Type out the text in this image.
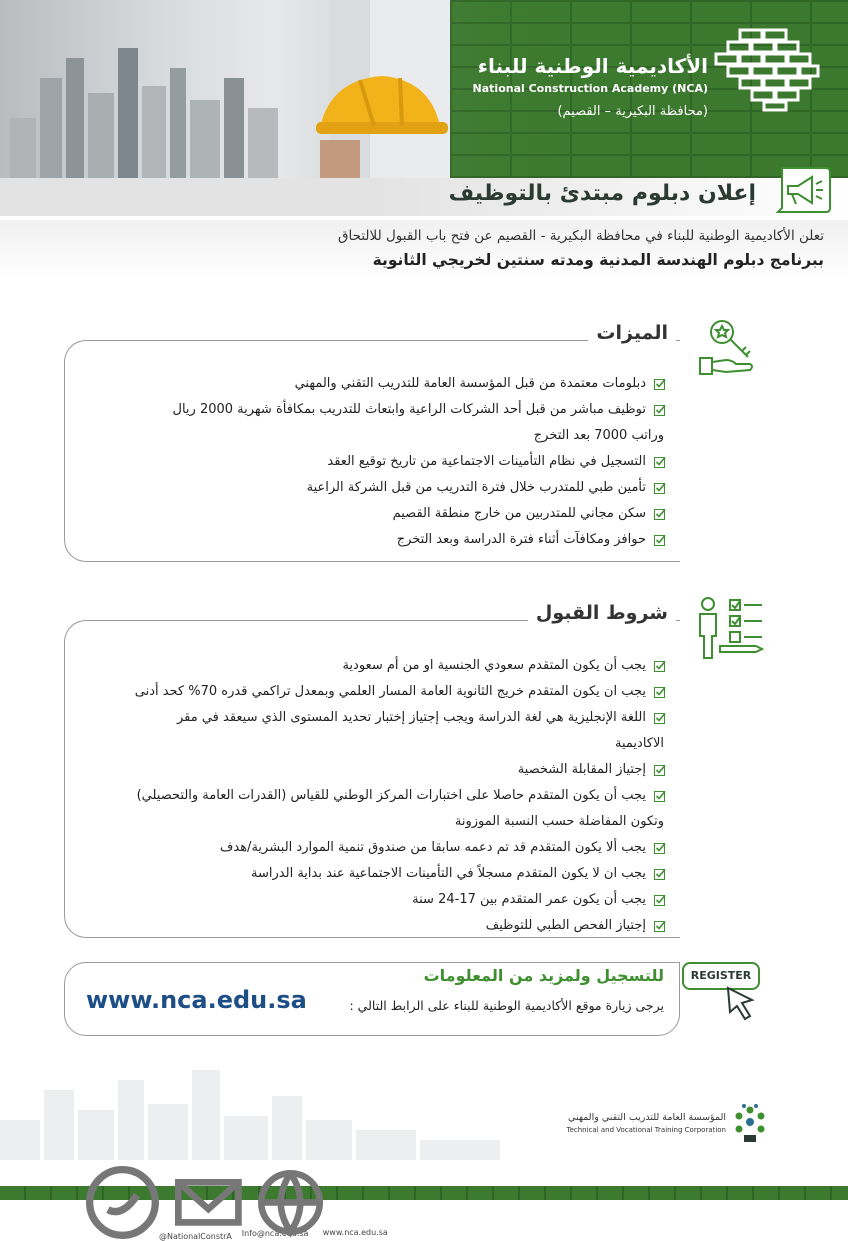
الأكاديمية الوطنية للبناء
National Construction Academy (NCA)
(محافظة البكيرية – القصيم)
إعلان دبلوم مبتدئ بالتوظيف
تعلن الأكاديمية الوطنية للبناء في محافظة البكيرية - القصيم عن فتح باب القبول للالتحاق
ببرنامج دبلوم الهندسة المدنية ومدته سنتين لخريجي الثانوية
الميزات
دبلومات معتمدة من قبل المؤسسة العامة للتدريب التقني والمهني
توظيف مباشر من قبل أحد الشركات الراعية وابتعاث للتدريب بمكافأة شهرية 2000 ريال
وراتب 7000 بعد التخرج
التسجيل في نظام التأمينات الاجتماعية من تاريخ توقيع العقد
تأمين طبي للمتدرب خلال فترة التدريب من قبل الشركة الراعية
سكن مجاني للمتدربين من خارج منطقة القصيم
حوافز ومكافآت أثناء فترة الدراسة وبعد التخرج
شروط القبول
يجب أن يكون المتقدم سعودي الجنسية او من أم سعودية
يجب ان يكون المتقدم خريج الثانوية العامة المسار العلمي وبمعدل تراكمي قدره 70% كحد أدنى
اللغة الإنجليزية هي لغة الدراسة ويجب إجتياز إختبار تحديد المستوى الذي سيعقد في مقر
الاكاديمية
إجتياز المقابلة الشخصية
يجب أن يكون المتقدم حاصلا على اختبارات المركز الوطني للقياس (القدرات العامة والتحصيلي)
وتكون المفاضلة حسب النسبة الموزونة
يجب ألا يكون المتقدم قد تم دعمه سابقا من صندوق تنمية الموارد البشرية/هدف
يجب ان لا يكون المتقدم مسجلاً في التأمينات الاجتماعية عند بداية الدراسة
يجب أن يكون عمر المتقدم بين 17-24 سنة
إجتياز الفحص الطبي للتوظيف
للتسجيل ولمزيد من المعلومات
يرجى زيارة موقع الأكاديمية الوطنية للبناء على الرابط التالي :
www.nca.edu.sa
REGISTER
المؤسسة العامة للتدريب التقني والمهني
Technical and Vocational Training Corporation
@NationalConstrA	Info@nca.edu.sa	www.nca.edu.sa
